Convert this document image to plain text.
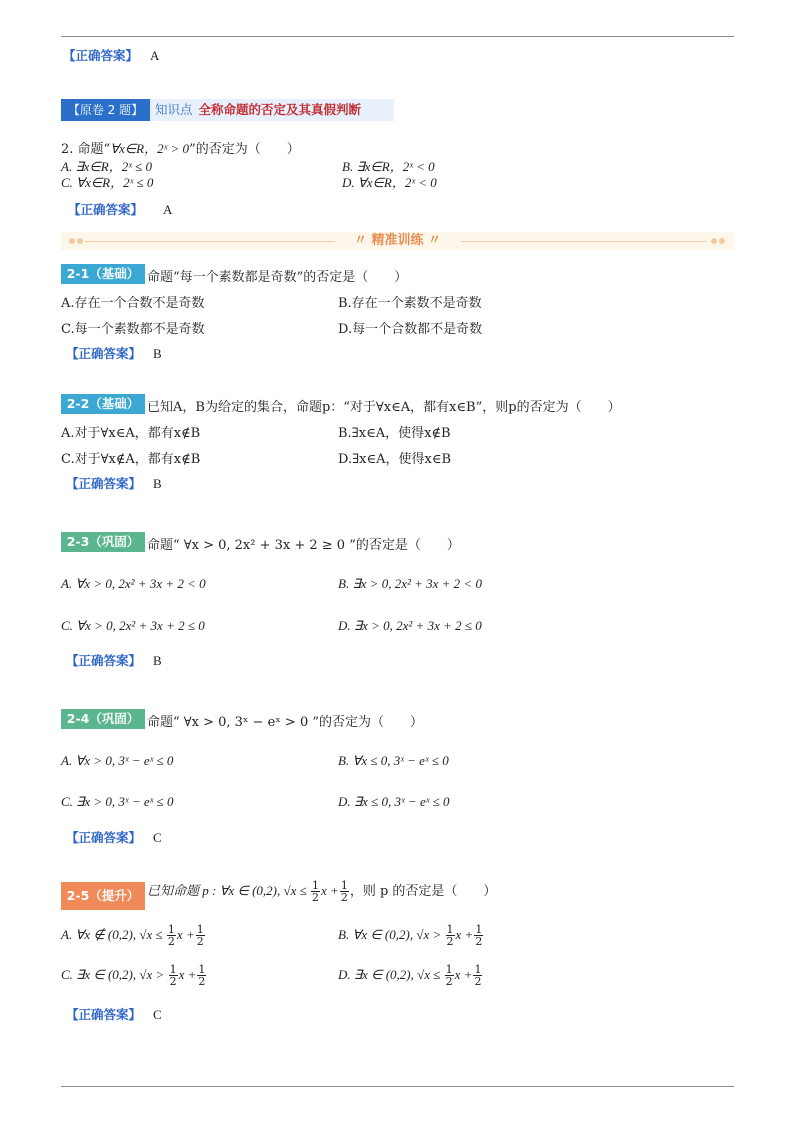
【正确答案】 A
【原卷 2 题】 知识点 全称命题的否定及其真假判断
2. 命题“∀x∈R，2ˣ > 0”的否定为（　　）
A. ∃x∈R，2ˣ ≤ 0	B. ∃x∈R，2ˣ < 0
C. ∀x∈R，2ˣ ≤ 0	D. ∀x∈R，2ˣ < 0
【正确答案】 A
〃 精准训练 〃
2-1（基础） 命题“每一个素数都是奇数”的否定是（　　）
A.存在一个合数不是奇数	B.存在一个素数不是奇数
C.每一个素数都不是奇数	D.每一个合数都不是奇数
【正确答案】 B
2-2（基础） 已知A，B为给定的集合，命题p：“对于∀x∈A，都有x∈B”，则p的否定为（　　）
A.对于∀x∈A，都有x∉B	B.∃x∈A，使得x∉B
C.对于∀x∉A，都有x∉B	D.∃x∈A，使得x∈B
【正确答案】 B
2-3（巩固） 命题“ ∀x > 0, 2x² + 3x + 2 ≥ 0 ”的否定是（　　）
A. ∀x > 0, 2x² + 3x + 2 < 0	B. ∃x > 0, 2x² + 3x + 2 < 0
C. ∀x > 0, 2x² + 3x + 2 ≤ 0	D. ∃x > 0, 2x² + 3x + 2 ≤ 0
【正确答案】 B
2-4（巩固） 命题“ ∀x > 0, 3ˣ − eˣ > 0 ”的否定为（　　）
A. ∀x > 0, 3ˣ − eˣ ≤ 0	B. ∀x ≤ 0, 3ˣ − eˣ ≤ 0
C. ∃x > 0, 3ˣ − eˣ ≤ 0	D. ∃x ≤ 0, 3ˣ − eˣ ≤ 0
【正确答案】 C
2-5（提升） 已知命题 p : ∀x ∈ (0,2), $√x \le \frac{1}{2}$ $x + \frac{1}{2}$ ，则 p 的否定是（　　）
A. ∀x ∉ (0,2), $√x \le \frac{1}{2}$ $x + \frac{1}{2}$	B. ∀x ∈ (0,2), $√x > \frac{1}{2}$ $x + \frac{1}{2}$
C. ∃x ∈ (0,2), $√x > \frac{1}{2}$ $x + \frac{1}{2}$	D. ∃x ∈ (0,2), $√x \le \frac{1}{2}$ $x + \frac{1}{2}$
【正确答案】 C
